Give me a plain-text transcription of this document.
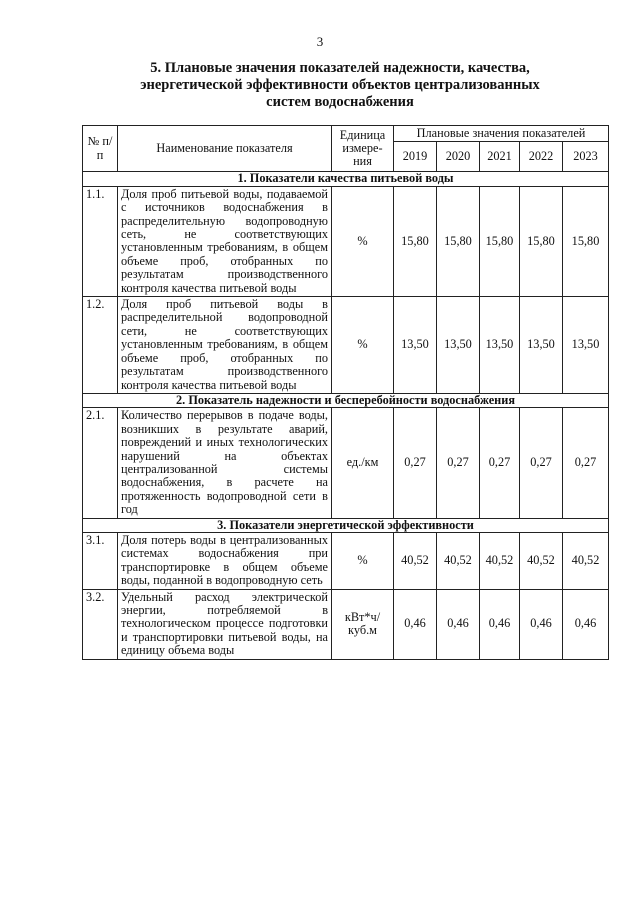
3
5. Плановые значения показателей надежности, качества,
энергетической эффективности объектов централизованных
систем водоснабжения
№ п/п	Наименование показателя	Единица измере-ния	Плановые значения показателей				
			2019	2020	2021	2022	2023
1. Показатели качества питьевой воды							
1.1.	Доля проб питьевой воды, подаваемой с источников водоснабжения в распределительную водопроводную сеть, не соответствующих установленным требованиям, в общем объеме проб, отобранных по результатам производственного контроля качества питьевой воды	%	15,80	15,80	15,80	15,80	15,80
1.2.	Доля проб питьевой воды в распределительной водопроводной сети, не соответствующих установленным требованиям, в общем объеме проб, отобранных по результатам производственного контроля качества питьевой воды	%	13,50	13,50	13,50	13,50	13,50
2. Показатель надежности и бесперебойности водоснабжения							
2.1.	Количество перерывов в подаче воды, возникших в результате аварий, повреждений и иных технологических нарушений на объектах централизованной системы водоснабжения, в расчете на протяженность водопроводной сети в год	ед./км	0,27	0,27	0,27	0,27	0,27
3. Показатели энергетической эффективности							
3.1.	Доля потерь воды в централизованных системах водоснабжения при транспортировке в общем объеме воды, поданной в водопроводную сеть	%	40,52	40,52	40,52	40,52	40,52
3.2.	Удельный расход электрической энергии, потребляемой в технологическом процессе подготовки и транспортировки питьевой воды, на единицу объема воды	кВт*ч/ куб.м	0,46	0,46	0,46	0,46	0,46
